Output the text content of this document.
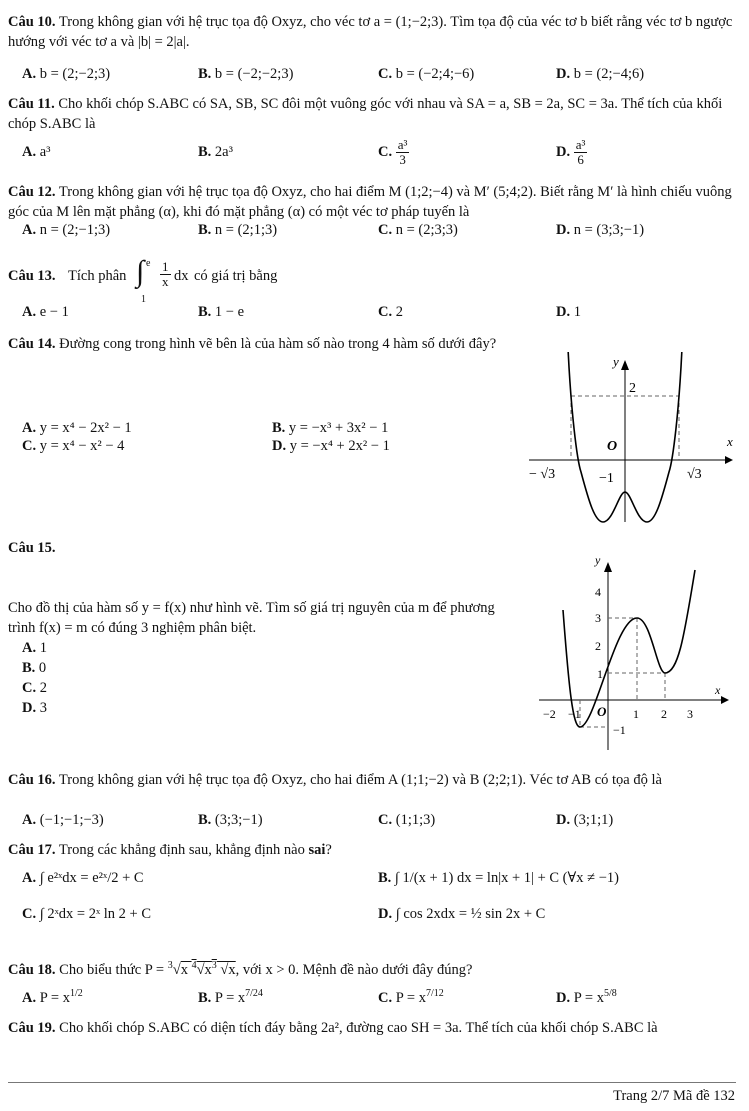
Câu 10. Trong không gian với hệ trục tọa độ Oxyz, cho véc tơ a = (1;−2;3). Tìm tọa độ của véc tơ b biết rằng véc tơ b ngược hướng với véc tơ a và |b| = 2|a|.
A. b = (2;−2;3)	B. b = (−2;−2;3)	C. b = (−2;4;−6)	D. b = (2;−4;6)
Câu 11. Cho khối chóp S.ABC có SA, SB, SC đôi một vuông góc với nhau và SA = a, SB = 2a, SC = 3a. Thể tích của khối chóp S.ABC là
A. a³	B. 2a³	C. $\frac{\text{a³}}{3}$	D. $\frac{\text{a³}}{6}$
Câu 12. Trong không gian với hệ trục tọa độ Oxyz, cho hai điểm M (1;2;−4) và M′ (5;4;2). Biết rằng M′ là hình chiếu vuông góc của M lên mặt phẳng (α), khi đó mặt phẳng (α) có một véc tơ pháp tuyến là
A. n = (2;−1;3)	B. n = (2;1;3)	C. n = (2;3;3)	D. n = (3;3;−1)
Câu 13. Tích phân
e
∫
1
$\frac{1}{x}$ dx có giá trị bằng
A. e − 1	B. 1 − e	C. 2	D. 1
Câu 14. Đường cong trong hình vẽ bên là của hàm số nào trong 4 hàm số dưới đây?
A. y = x⁴ − 2x² − 1	B. y = −x³ + 3x² − 1
C. y = x⁴ − x² − 4	D. y = −x⁴ + 2x² − 1
y
x
2
O
−1
− √3	√3
Câu 15.
Cho đồ thị của hàm số y = f(x) như hình vẽ. Tìm số giá trị nguyên của m để phương trình f(x) = m có đúng 3 nghiệm phân biệt.
A. 1
B. 0
C. 2
D. 3
y
x
4
3
2
1
−1
−2 −1 O 1 2 3
Câu 16. Trong không gian với hệ trục tọa độ Oxyz, cho hai điểm A (1;1;−2) và B (2;2;1). Véc tơ AB có tọa độ là
A. (−1;−1;−3)	B. (3;3;−1)	C. (1;1;3)	D. (3;1;1)
Câu 17. Trong các khẳng định sau, khẳng định nào sai?
A. ∫ e²ˣdx = e²ˣ/2 + C	B. ∫ 1/(x + 1) dx = ln|x + 1| + C (∀x ≠ −1)
C. ∫ 2ˣdx = 2ˣ ln 2 + C	D. ∫ cos 2xdx = ½ sin 2x + C
Câu 18. Cho biểu thức P = $^3$√x $^4√x^3$ √x, với x > 0. Mệnh đề nào dưới đây đúng?
A. $P = x^{1/2}$	B. $P = x^{7/24}$	C. $P = x^{7/12}$	D. $P = x^{5/8}$
Câu 19. Cho khối chóp S.ABC có diện tích đáy bằng 2a², đường cao SH = 3a. Thể tích của khối chóp S.ABC là
Trang 2/7 Mã đề 132
